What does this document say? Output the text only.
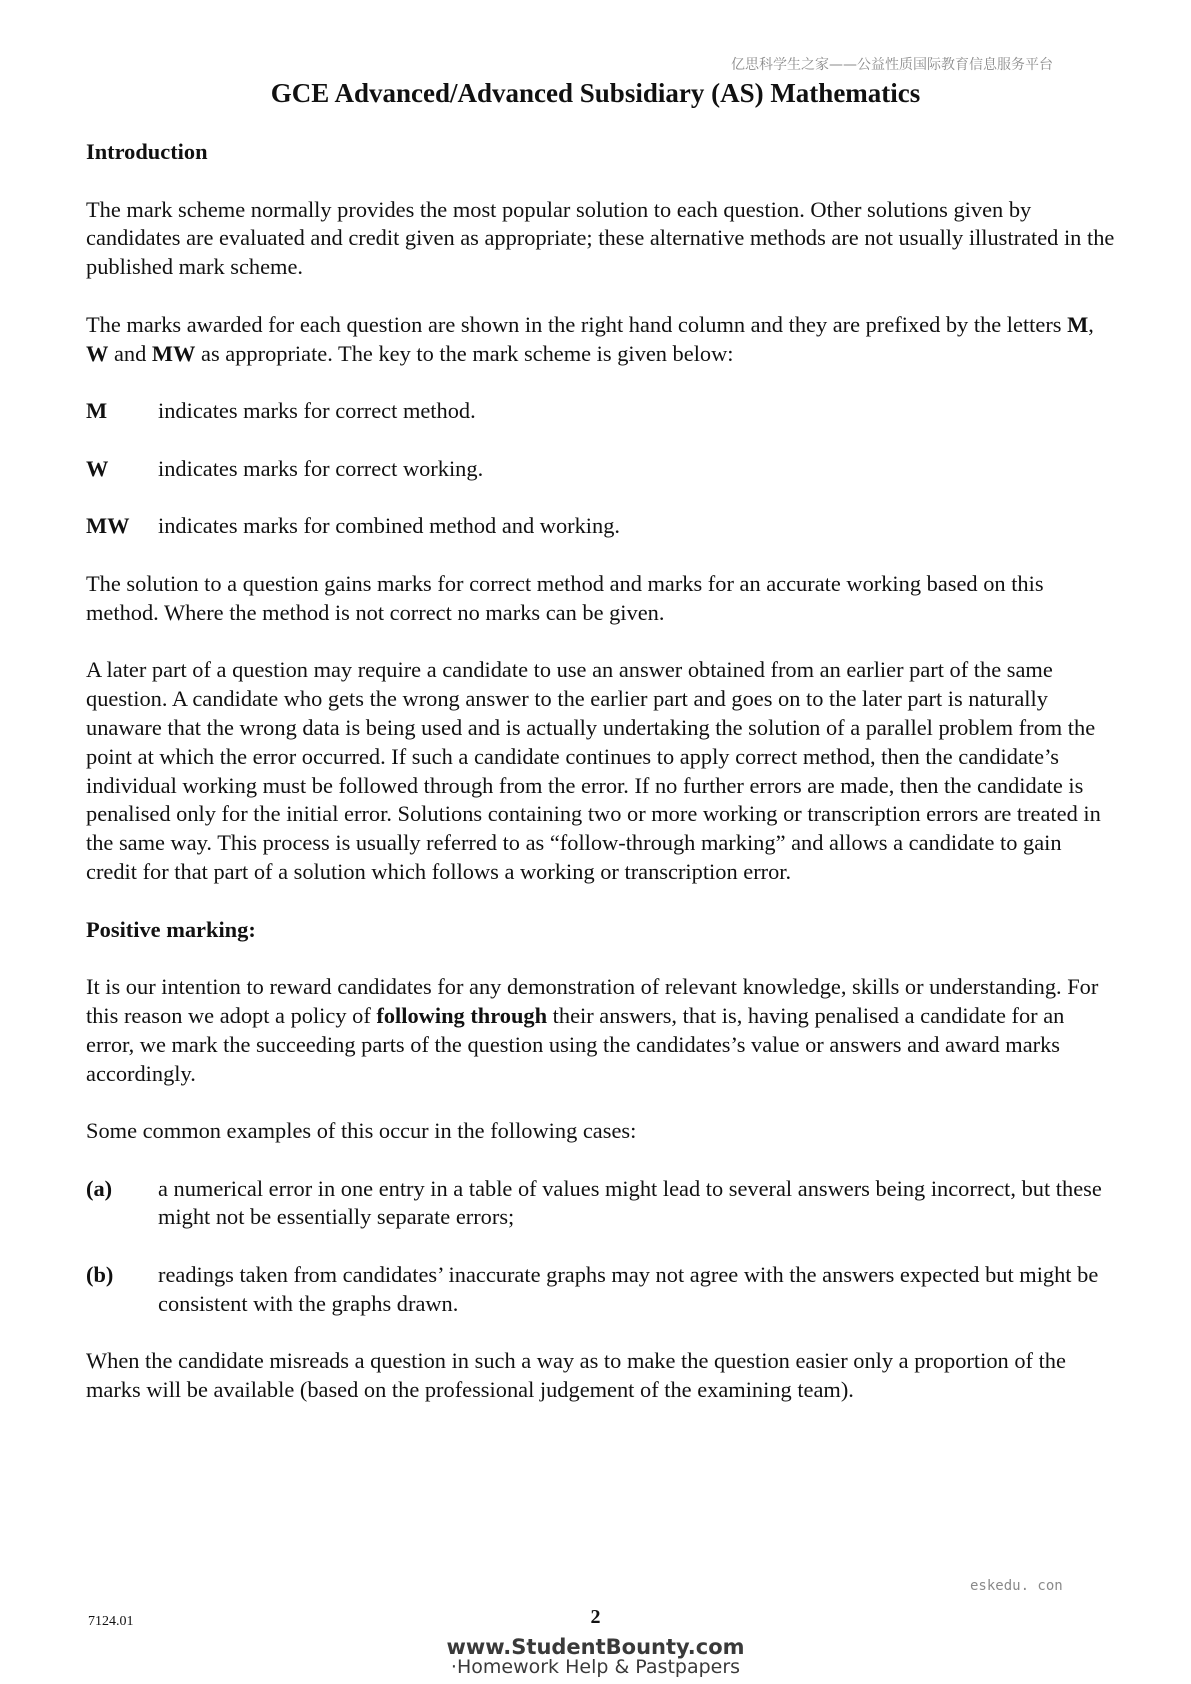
亿思科学生之家——公益性质国际教育信息服务平台
GCE Advanced/Advanced Subsidiary (AS) Mathematics
Introduction

The mark scheme normally provides the most popular solution to each question. Other solutions given by candidates are evaluated and credit given as appropriate; these alternative methods are not usually illustrated in the published mark scheme.

The marks awarded for each question are shown in the right hand column and they are prefixed by the letters M, W and MW as appropriate. The key to the mark scheme is given below:

M	indicates marks for correct method.
W	indicates marks for correct working.
MW	indicates marks for combined method and working.

The solution to a question gains marks for correct method and marks for an accurate working based on this method. Where the method is not correct no marks can be given.

A later part of a question may require a candidate to use an answer obtained from an earlier part of the same question. A candidate who gets the wrong answer to the earlier part and goes on to the later part is naturally unaware that the wrong data is being used and is actually undertaking the solution of a parallel problem from the point at which the error occurred. If such a candidate continues to apply correct method, then the candidate’s individual working must be followed through from the error. If no further errors are made, then the candidate is penalised only for the initial error. Solutions containing two or more working or transcription errors are treated in the same way. This process is usually referred to as “follow-through marking” and allows a candidate to gain credit for that part of a solution which follows a working or transcription error.

Positive marking:

It is our intention to reward candidates for any demonstration of relevant knowledge, skills or understanding. For this reason we adopt a policy of following through their answers, that is, having penalised a candidate for an error, we mark the succeeding parts of the question using the candidates’s value or answers and award marks accordingly.

Some common examples of this occur in the following cases:

(a)	a numerical error in one entry in a table of values might lead to several answers being incorrect, but these might not be essentially separate errors;
(b)	readings taken from candidates’ inaccurate graphs may not agree with the answers expected but might be consistent with the graphs drawn.

When the candidate misreads a question in such a way as to make the question easier only a proportion of the marks will be available (based on the professional judgement of the examining team).

eskedu. con
7124.01	2
www.StudentBounty.com
·Homework Help & Pastpapers
